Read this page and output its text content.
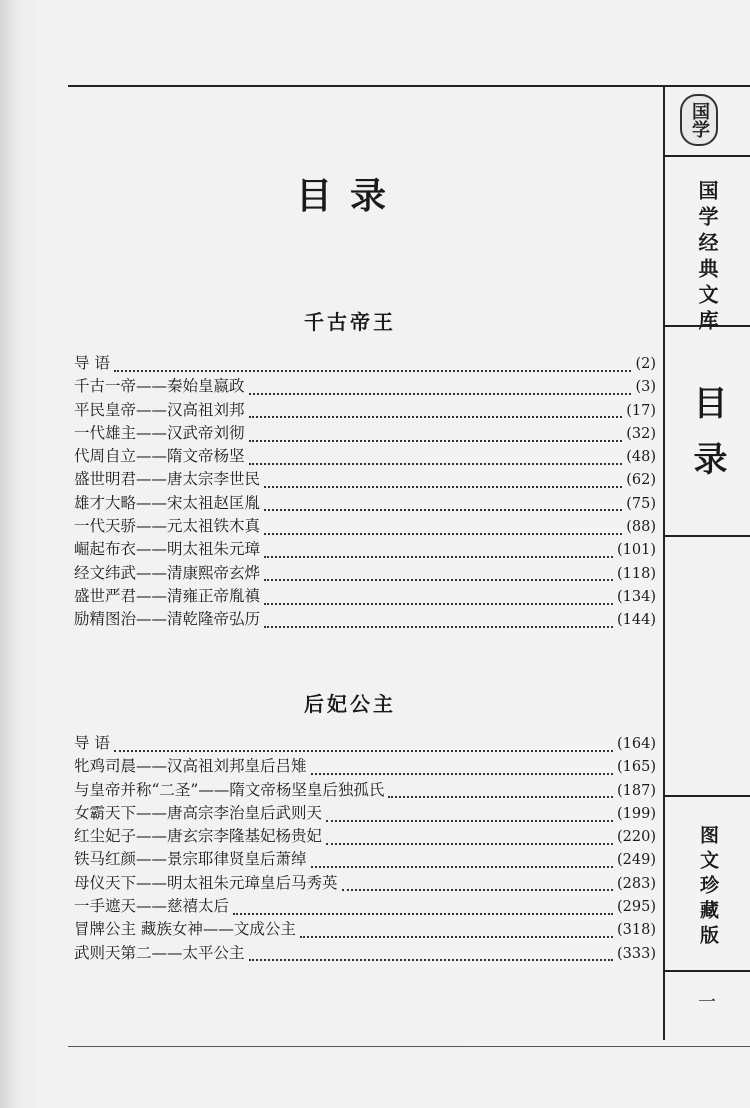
国学
国学经典文库
目录
图文珍藏版
一
目录
千古帝王
导 语	(2)
千古一帝——秦始皇嬴政	(3)
平民皇帝——汉高祖刘邦	(17)
一代雄主——汉武帝刘彻	(32)
代周自立——隋文帝杨坚	(48)
盛世明君——唐太宗李世民	(62)
雄才大略——宋太祖赵匡胤	(75)
一代天骄——元太祖铁木真	(88)
崛起布衣——明太祖朱元璋	(101)
经文纬武——清康熙帝玄烨	(118)
盛世严君——清雍正帝胤禛	(134)
励精图治——清乾隆帝弘历	(144)
后妃公主
导 语	(164)
牝鸡司晨——汉高祖刘邦皇后吕雉	(165)
与皇帝并称“二圣”——隋文帝杨坚皇后独孤氏	(187)
女霸天下——唐高宗李治皇后武则天	(199)
红尘妃子——唐玄宗李隆基妃杨贵妃	(220)
铁马红颜——景宗耶律贤皇后萧绰	(249)
母仪天下——明太祖朱元璋皇后马秀英	(283)
一手遮天——慈禧太后	(295)
冒牌公主 藏族女神——文成公主	(318)
武则天第二——太平公主	(333)
